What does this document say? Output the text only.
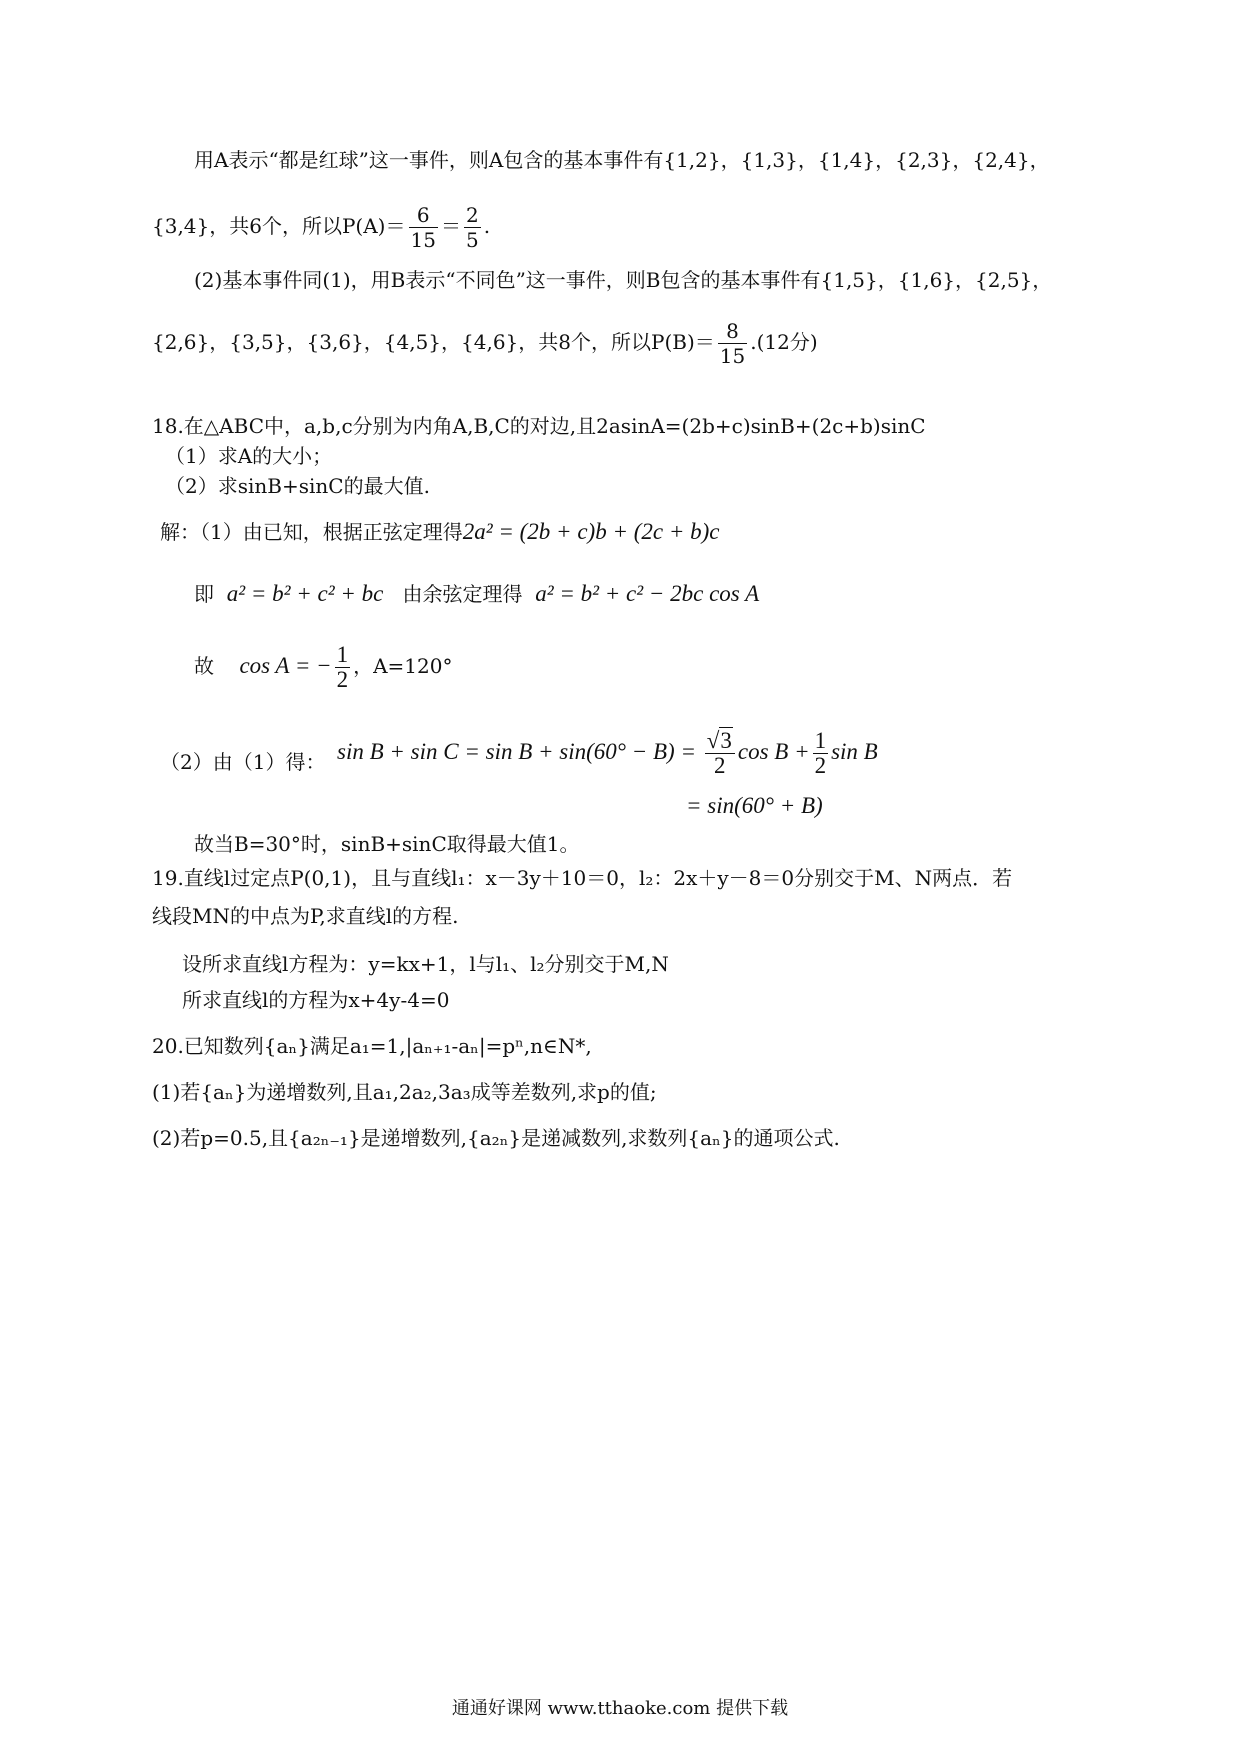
用A表示“都是红球”这一事件，则A包含的基本事件有{1,2}，{1,3}，{1,4}，{2,3}，{2,4}，
{3,4}，共6个，所以$P(A)= \frac{6}{15} = \frac{2}{5}$ .
(2)基本事件同(1)，用B表示“不同色”这一事件，则B包含的基本事件有{1,5}，{1,6}，{2,5}，
{2,6}，{3,5}，{3,6}，{4,5}，{4,6}，共8个，所以$P(B)= \frac{8}{15} .(12$分)
18.在△ABC中，a,b,c分别为内角A,B,C的对边,且2asinA=(2b+c)sinB+(2c+b)sinC
（1）求A的大小；
（2）求sinB+sinC的最大值.
解：（1）由已知，根据正弦定理得2a² = (2b + c)b + (2c + b)c
即 a² = b² + c² + bc 由余弦定理得 a² = b² + c² − 2bc cos A
故 cos A = − $\frac{1}{2}$ ，A=120°
（2）由（1）得： $\sin B + \sin C = \sin B + \sin(60^\circ - B) = \frac{√3}{2}$ $\cos B + \frac{1}{2}$ sin B
= sin(60° + B)
故当B=30°时，sinB+sinC取得最大值1。
19.直线l过定点P(0,1)，且与直线l₁：x－3y＋10＝0，l₂：2x＋y－8＝0分别交于M、N两点．若
线段MN的中点为P,求直线l的方程.
设所求直线l方程为：y=kx+1，l与l₁、l₂分别交于M,N
所求直线l的方程为x+4y-4=0
20.已知数列{aₙ}满足a₁=1,|aₙ₊₁-aₙ|=pⁿ,n∈N*,
(1)若{aₙ}为递增数列,且a₁,2a₂,3a₃成等差数列,求p的值;
(2)若p=0.5,且{a₂ₙ₋₁}是递增数列,{a₂ₙ}是递减数列,求数列{aₙ}的通项公式.
通通好课网 www.tthaoke.com 提供下载
